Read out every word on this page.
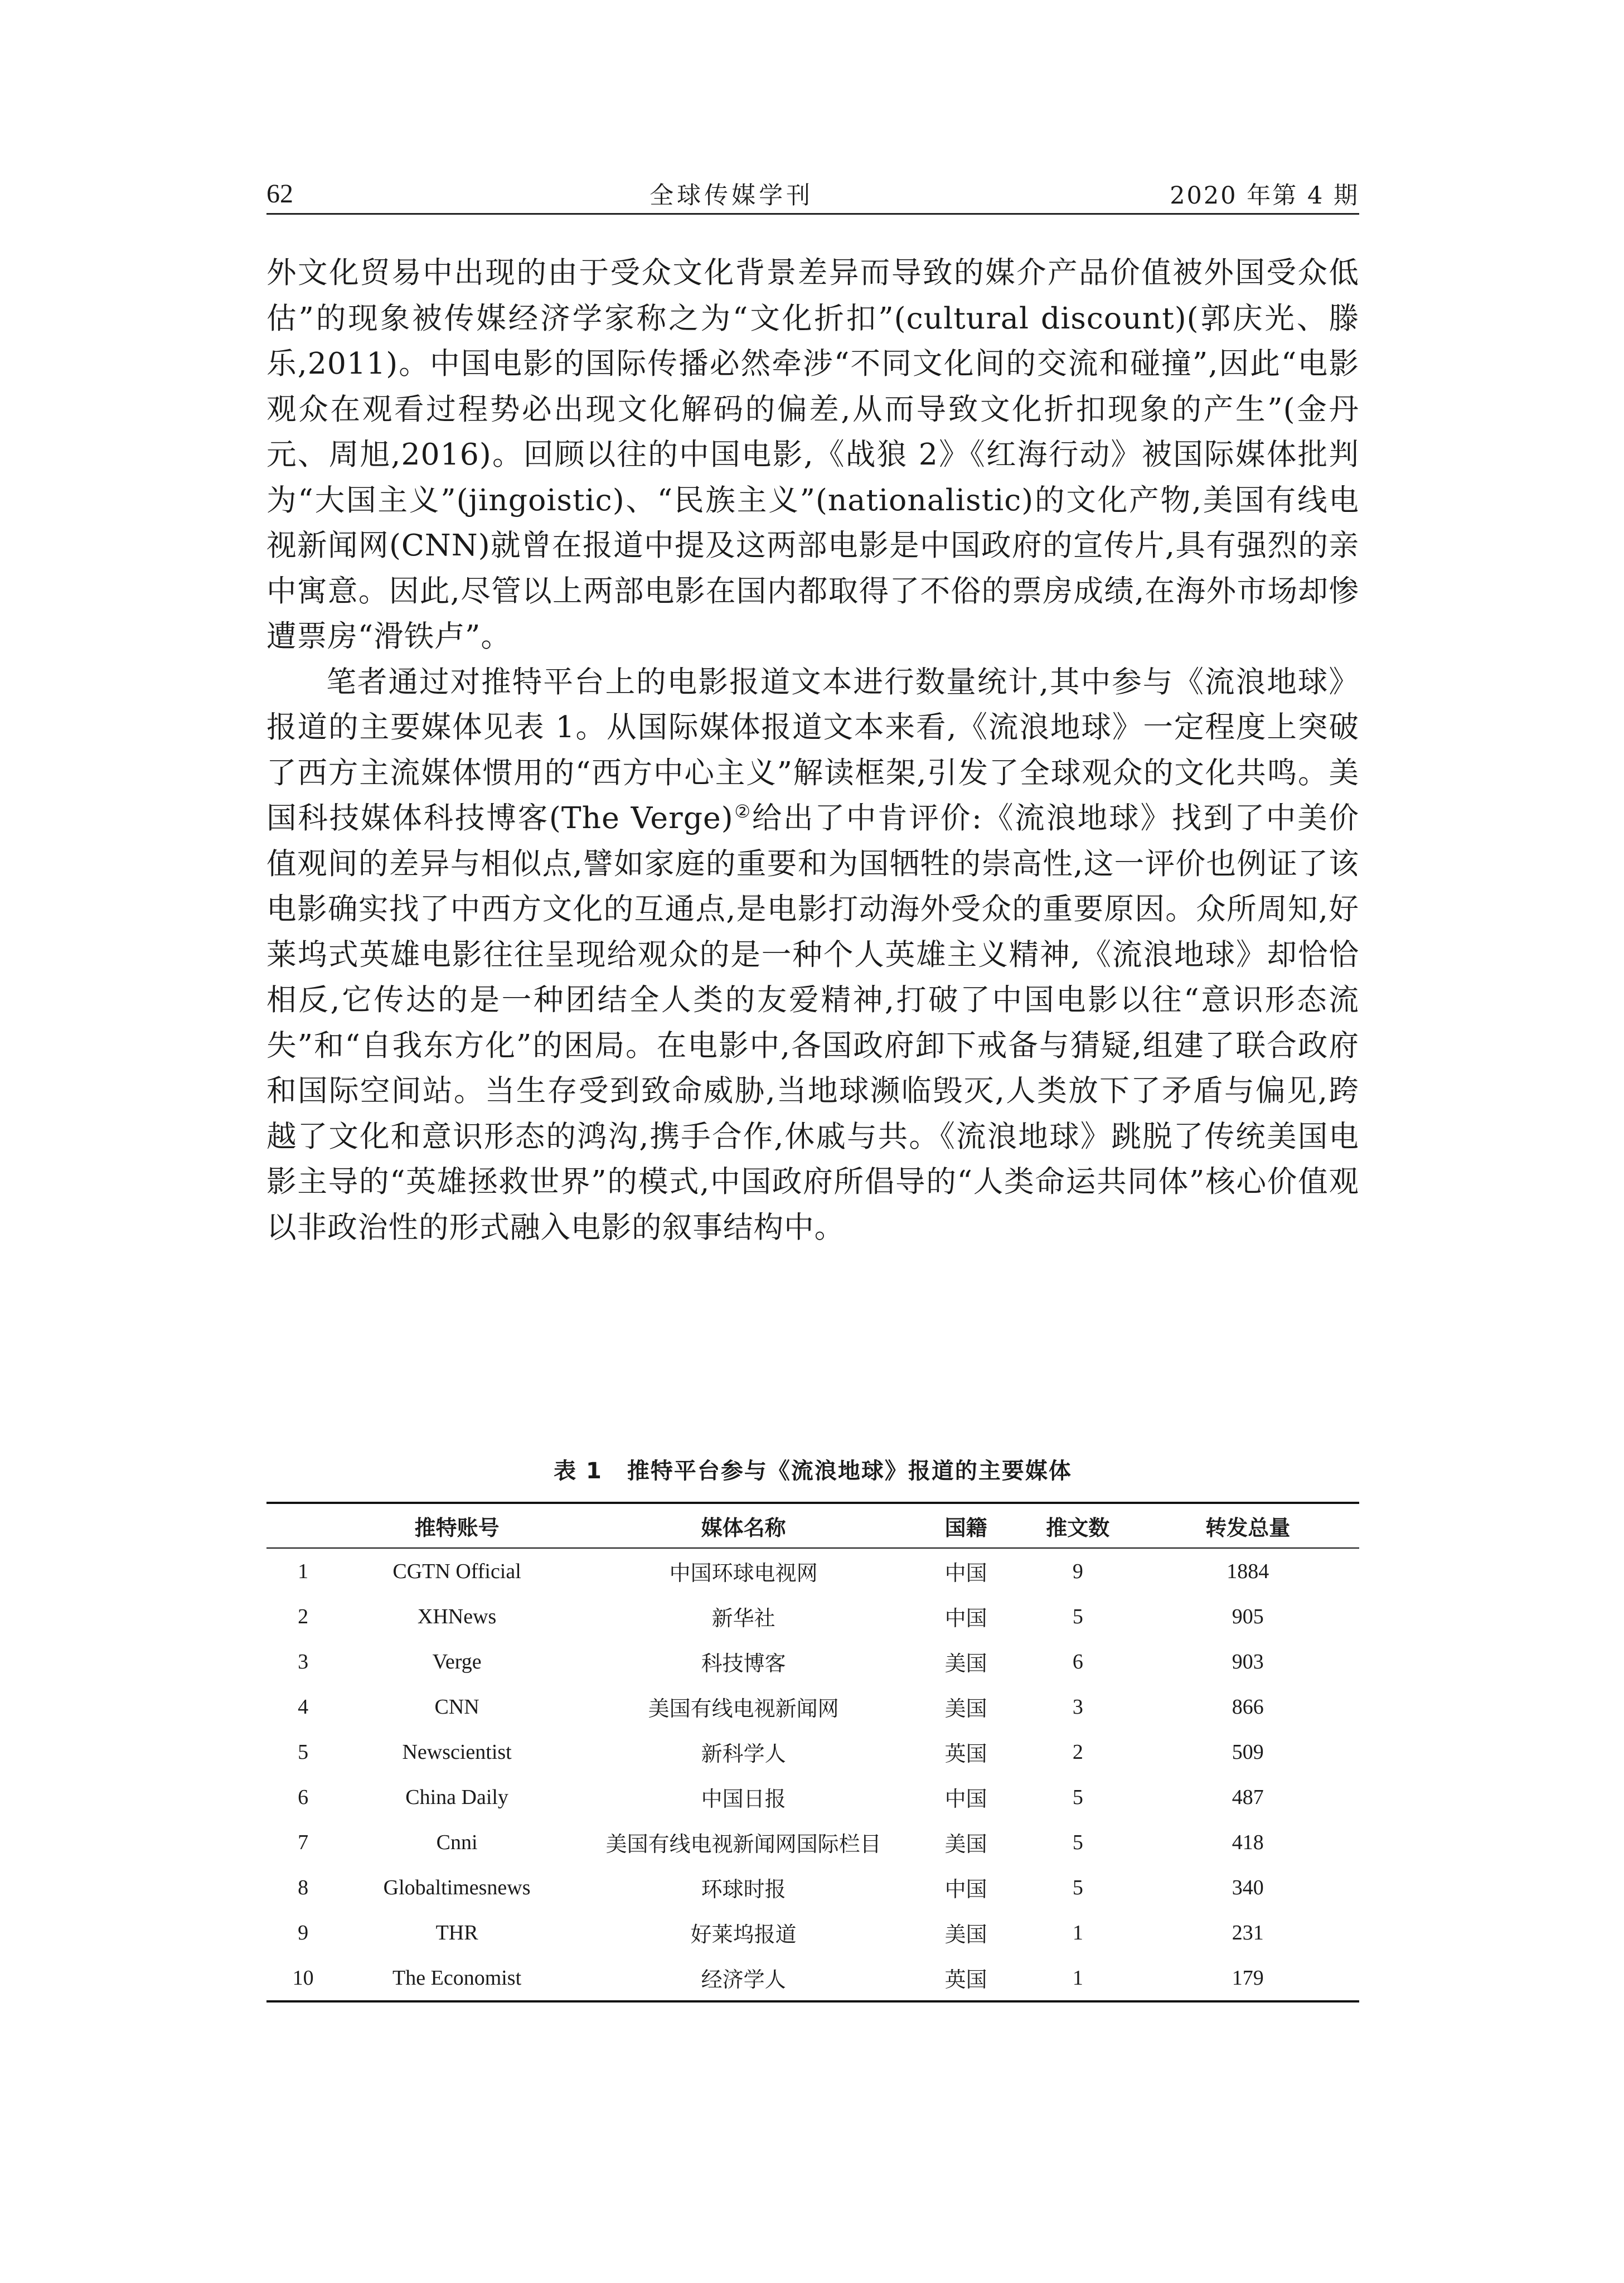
62	全球传媒学刊	2020 年第 4 期

外文化贸易中出现的由于受众文化背景差异而导致的媒介产品价值被外国受众低估”的现象被传媒经济学家称之为“文化折扣”(cultural discount)(郭庆光、滕乐,2011)。中国电影的国际传播必然牵涉“不同文化间的交流和碰撞”,因此“电影观众在观看过程势必出现文化解码的偏差,从而导致文化折扣现象的产生”(金丹元、周旭,2016)。回顾以往的中国电影,《战狼 2》《红海行动》被国际媒体批判为“大国主义”(jingoistic)、“民族主义”(nationalistic)的文化产物,美国有线电视新闻网(CNN)就曾在报道中提及这两部电影是中国政府的宣传片,具有强烈的亲中寓意。因此,尽管以上两部电影在国内都取得了不俗的票房成绩,在海外市场却惨遭票房“滑铁卢”。

笔者通过对推特平台上的电影报道文本进行数量统计,其中参与《流浪地球》报道的主要媒体见表 1。从国际媒体报道文本来看,《流浪地球》一定程度上突破了西方主流媒体惯用的“西方中心主义”解读框架,引发了全球观众的文化共鸣。美国科技媒体科技博客(The Verge)②给出了中肯评价:《流浪地球》找到了中美价值观间的差异与相似点,譬如家庭的重要和为国牺牲的崇高性,这一评价也例证了该电影确实找了中西方文化的互通点,是电影打动海外受众的重要原因。众所周知,好莱坞式英雄电影往往呈现给观众的是一种个人英雄主义精神,《流浪地球》却恰恰相反,它传达的是一种团结全人类的友爱精神,打破了中国电影以往“意识形态流失”和“自我东方化”的困局。在电影中,各国政府卸下戒备与猜疑,组建了联合政府和国际空间站。当生存受到致命威胁,当地球濒临毁灭,人类放下了矛盾与偏见,跨越了文化和意识形态的鸿沟,携手合作,休戚与共。《流浪地球》跳脱了传统美国电影主导的“英雄拯救世界”的模式,中国政府所倡导的“人类命运共同体”核心价值观以非政治性的形式融入电影的叙事结构中。

表 1 推特平台参与《流浪地球》报道的主要媒体
	推特账号	媒体名称	国籍	推文数	转发总量
1	CGTN Official	中国环球电视网	中国	9	1884
2	XHNews	新华社	中国	5	905
3	Verge	科技博客	美国	6	903
4	CNN	美国有线电视新闻网	美国	3	866
5	Newscientist	新科学人	英国	2	509
6	China Daily	中国日报	中国	5	487
7	Cnni	美国有线电视新闻网国际栏目	美国	5	418
8	Globaltimesnews	环球时报	中国	5	340
9	THR	好莱坞报道	美国	1	231
10	The Economist	经济学人	英国	1	179
